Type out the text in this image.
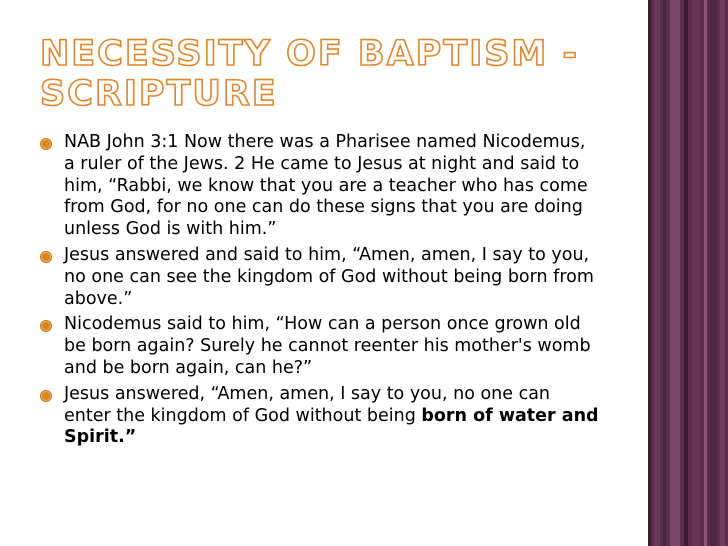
NECESSITY OF BAPTISM -
SCRIPTURE
NAB John 3:1 Now there was a Pharisee named Nicodemus, a ruler of the Jews. 2 He came to Jesus at night and said to him, “Rabbi, we know that you are a teacher who has come from God, for no one can do these signs that you are doing unless God is with him.”
Jesus answered and said to him, “Amen, amen, I say to you, no one can see the kingdom of God without being born from above.”
Nicodemus said to him, “How can a person once grown old be born again? Surely he cannot reenter his mother's womb and be born again, can he?”
Jesus answered, “Amen, amen, I say to you, no one can enter the kingdom of God without being born of water and Spirit.”
